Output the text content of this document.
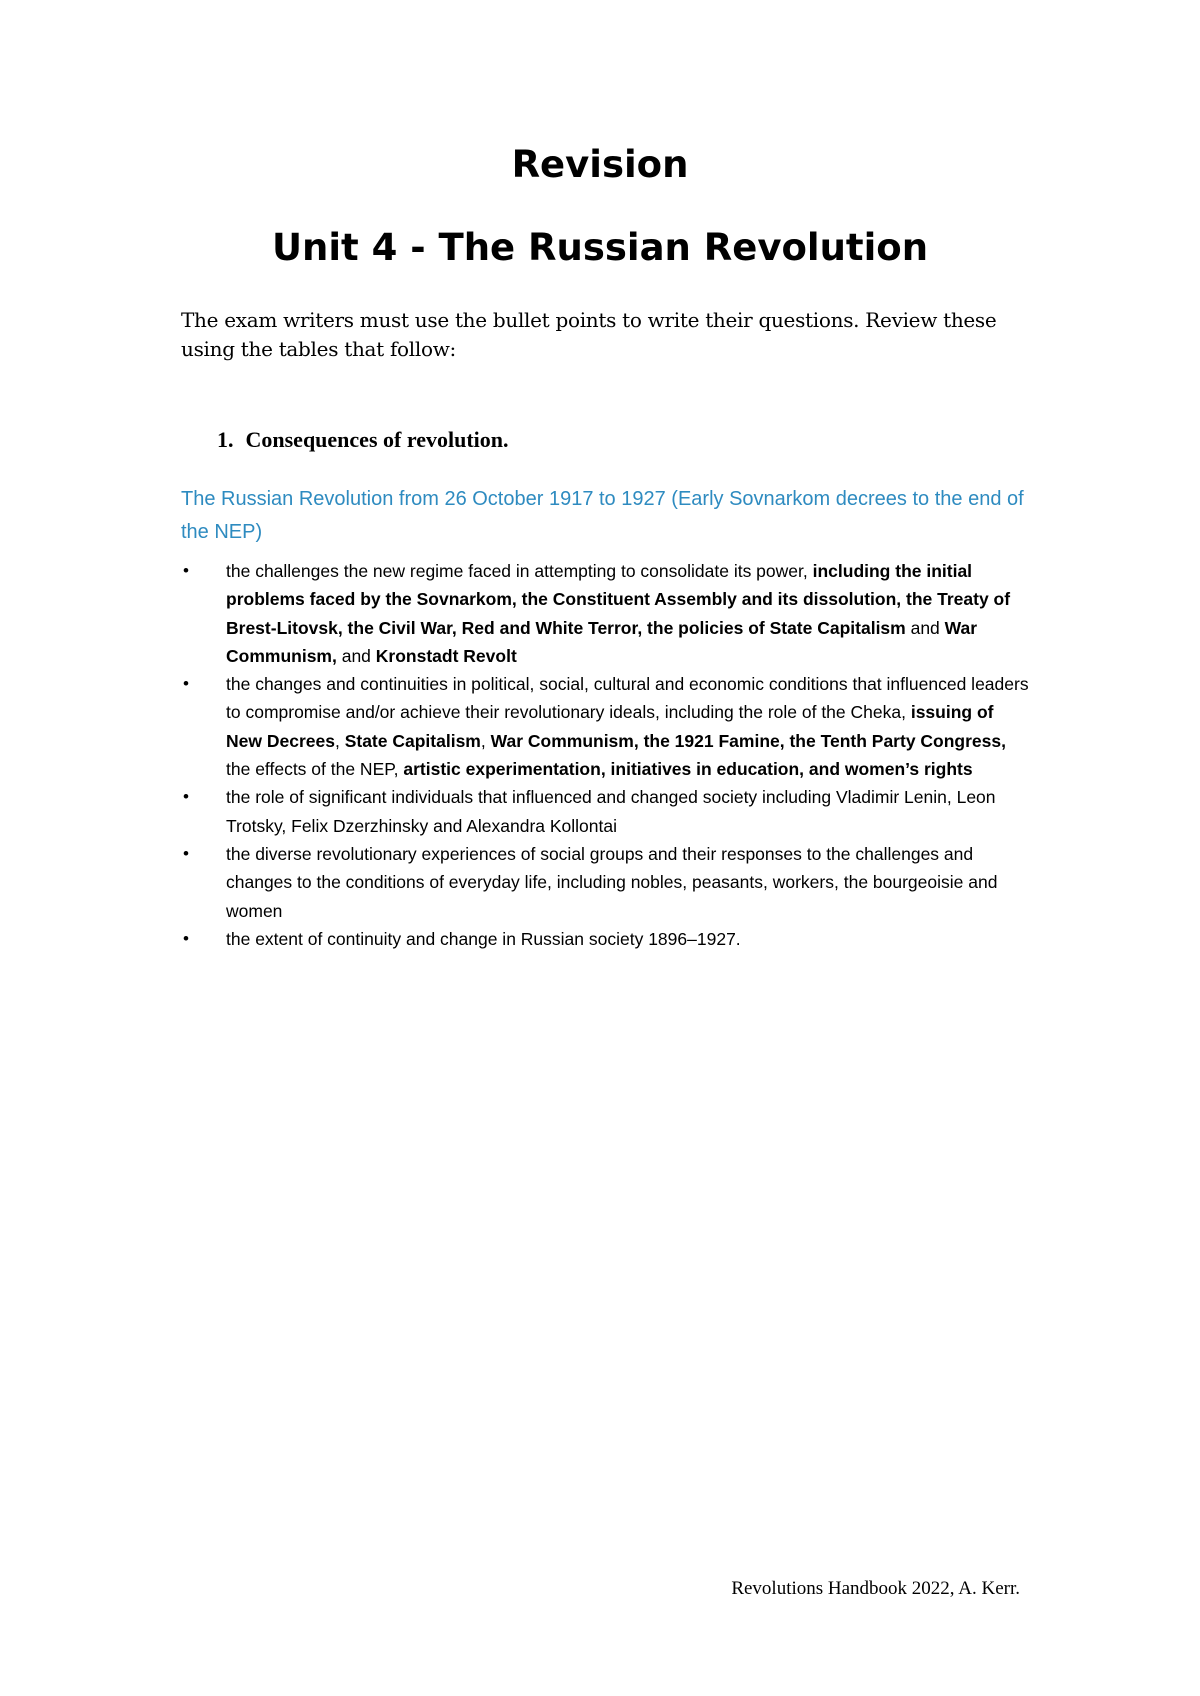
Revision
Unit 4 - The Russian Revolution

The exam writers must use the bullet points to write their questions. Review these using the tables that follow:

1. Consequences of revolution.

The Russian Revolution from 26 October 1917 to 1927 (Early Sovnarkom decrees to the end of the NEP)

• the challenges the new regime faced in attempting to consolidate its power, including the initial problems faced by the Sovnarkom, the Constituent Assembly and its dissolution, the Treaty of Brest-Litovsk, the Civil War, Red and White Terror, the policies of State Capitalism and War Communism, and Kronstadt Revolt
• the changes and continuities in political, social, cultural and economic conditions that influenced leaders to compromise and/or achieve their revolutionary ideals, including the role of the Cheka, issuing of New Decrees, State Capitalism, War Communism, the 1921 Famine, the Tenth Party Congress, the effects of the NEP, artistic experimentation, initiatives in education, and women’s rights
• the role of significant individuals that influenced and changed society including Vladimir Lenin, Leon Trotsky, Felix Dzerzhinsky and Alexandra Kollontai
• the diverse revolutionary experiences of social groups and their responses to the challenges and changes to the conditions of everyday life, including nobles, peasants, workers, the bourgeoisie and women
• the extent of continuity and change in Russian society 1896–1927.

Revolutions Handbook 2022, A. Kerr.
